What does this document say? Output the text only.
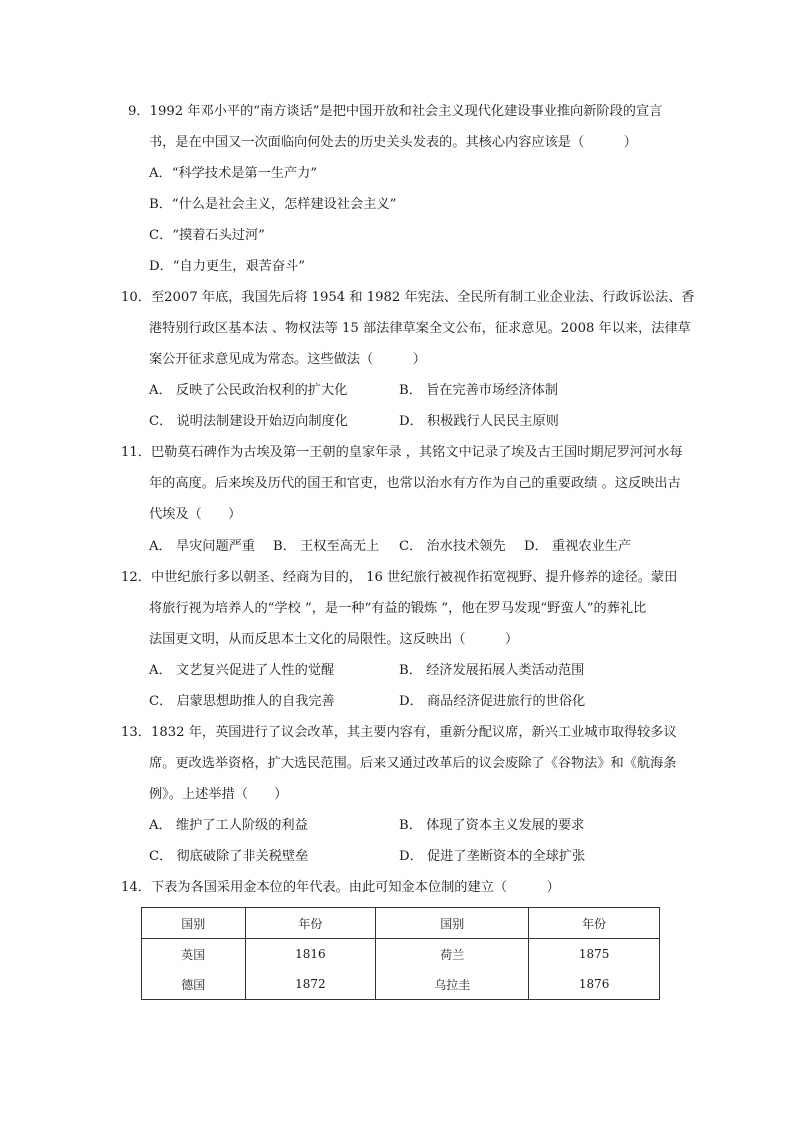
9．1992 年邓小平的“南方谈话”是把中国开放和社会主义现代化建设事业推向新阶段的宣言
书，是在中国又一次面临向何处去的历史关头发表的。其核心内容应该是（　　　）
A．“科学技术是第一生产力”
B．“什么是社会主义，怎样建设社会主义”
C．“摸着石头过河”
D．“自力更生，艰苦奋斗”
10．至2007 年底，我国先后将 1954 和 1982 年宪法、全民所有制工业企业法、行政诉讼法、香
港特别行政区基本法 、物权法等 15 部法律草案全文公布，征求意见。2008 年以来，法律草
案公开征求意见成为常态。这些做法（　　　）
A． 反映了公民政治权利的扩大化	B． 旨在完善市场经济体制
C． 说明法制建设开始迈向制度化	D． 积极践行人民民主原则
11．巴勒莫石碑作为古埃及第一王朝的皇家年录 ，其铭文中记录了埃及古王国时期尼罗河河水每
年的高度。后来埃及历代的国王和官吏，也常以治水有方作为自己的重要政绩 。这反映出古
代埃及（　　）
A． 旱灾问题严重 B． 王权至高无上 C． 治水技术领先 D． 重视农业生产
12．中世纪旅行多以朝圣、经商为目的， 16 世纪旅行被视作拓宽视野、提升修养的途径。蒙田
将旅行视为培养人的“学校 ”，是一种“有益的锻炼 ”，他在罗马发现“野蛮人”的葬礼比
法国更文明，从而反思本土文化的局限性。这反映出（　　　）
A． 文艺复兴促进了人性的觉醒	B． 经济发展拓展人类活动范围
C． 启蒙思想助推人的自我完善	D． 商品经济促进旅行的世俗化
13．1832 年，英国进行了议会改革，其主要内容有，重新分配议席，新兴工业城市取得较多议
席。更改选举资格，扩大选民范围。后来又通过改革后的议会废除了《谷物法》和《航海条
例》。上述举措（　　）
A． 维护了工人阶级的利益	B． 体现了资本主义发展的要求
C． 彻底破除了非关税壁垒	D． 促进了垄断资本的全球扩张
14．下表为各国采用金本位的年代表。由此可知金本位制的建立（　　　）
国别	年份	国别	年份
英国	1816	荷兰	1875
德国	1872	乌拉圭	1876
